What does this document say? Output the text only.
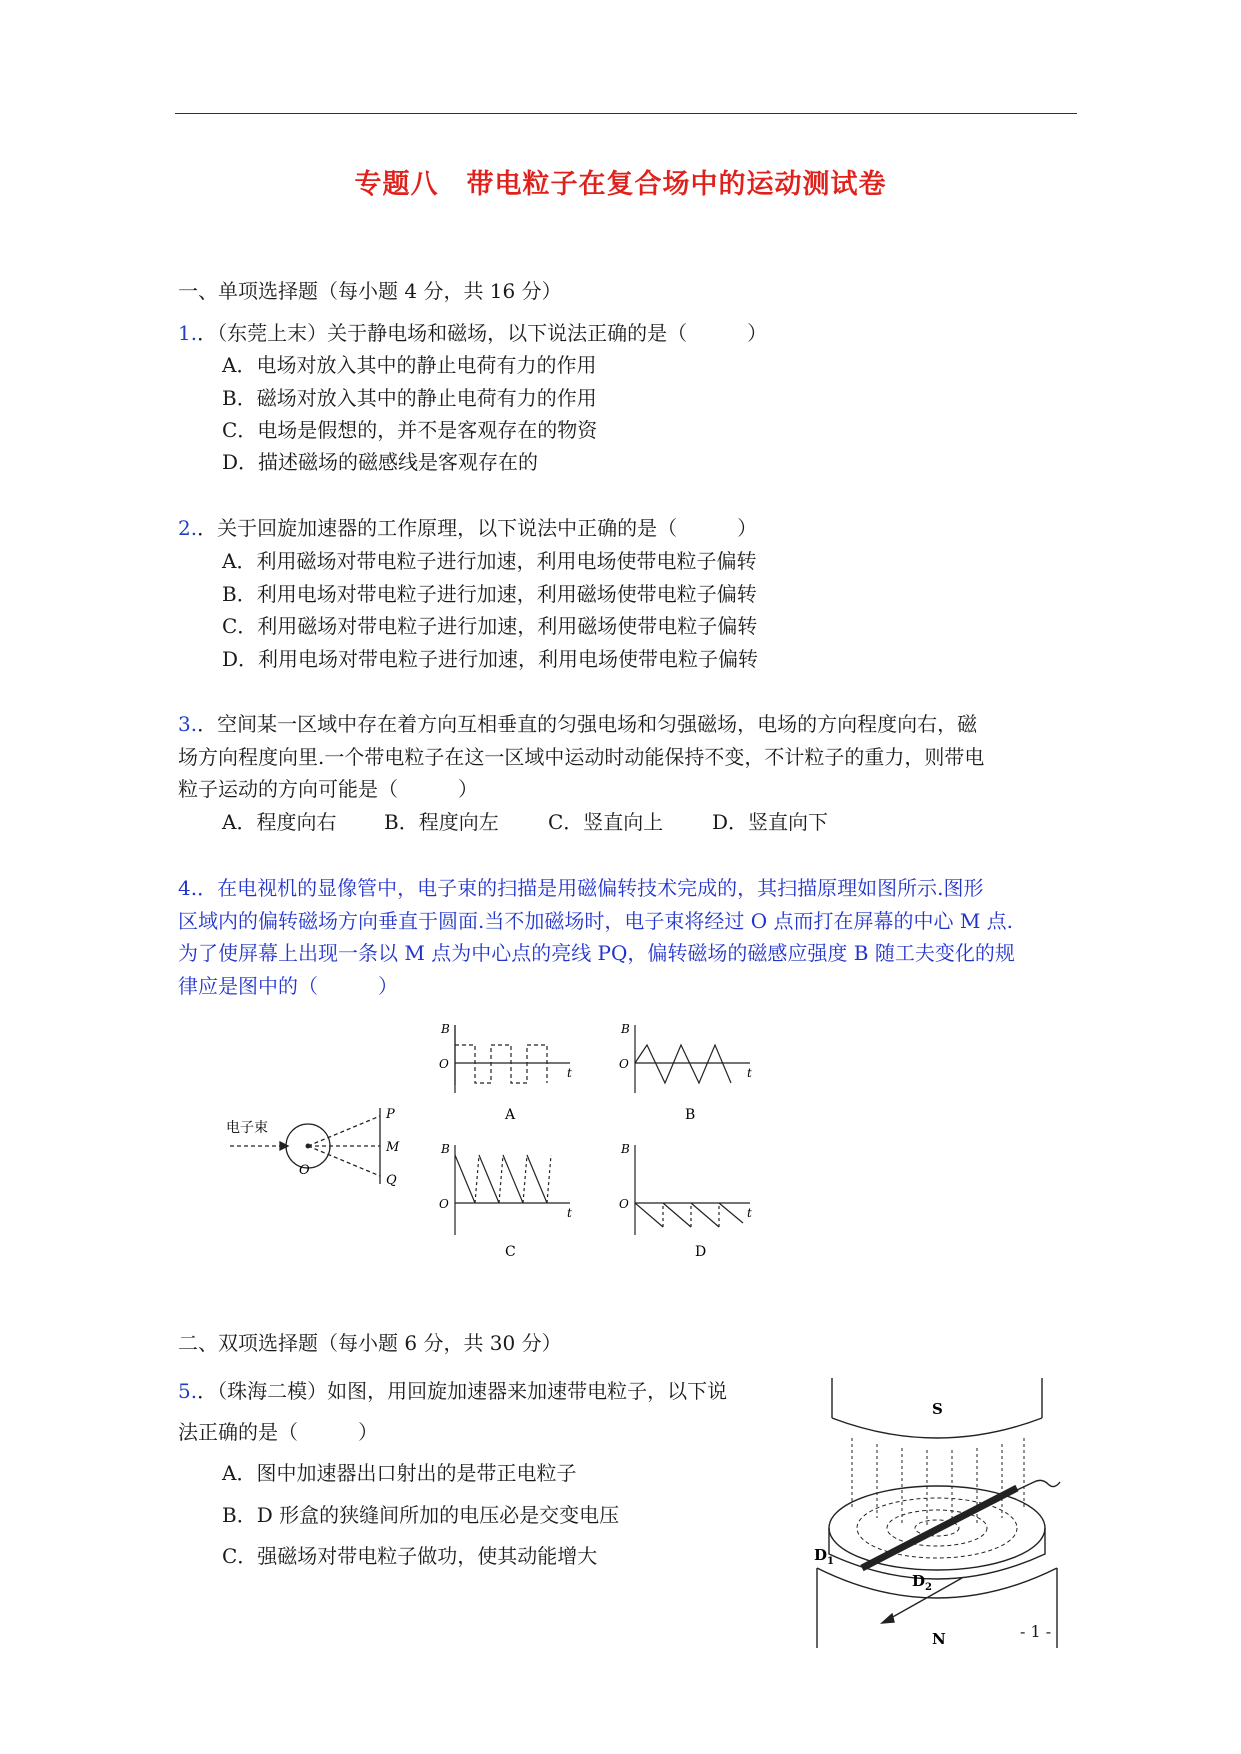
专题八　带电粒子在复合场中的运动测试卷
一、单项选择题（每小题 4 分，共 16 分）
1.．（东莞上末）关于静电场和磁场，以下说法正确的是（　　　）
A．电场对放入其中的静止电荷有力的作用
B．磁场对放入其中的静止电荷有力的作用
C．电场是假想的，并不是客观存在的物资
D．描述磁场的磁感线是客观存在的
2.．关于回旋加速器的工作原理，以下说法中正确的是（　　　）
A．利用磁场对带电粒子进行加速，利用电场使带电粒子偏转
B．利用电场对带电粒子进行加速，利用磁场使带电粒子偏转
C．利用磁场对带电粒子进行加速，利用磁场使带电粒子偏转
D．利用电场对带电粒子进行加速，利用电场使带电粒子偏转
3.．空间某一区域中存在着方向互相垂直的匀强电场和匀强磁场，电场的方向程度向右，磁
场方向程度向里.一个带电粒子在这一区域中运动时动能保持不变，不计粒子的重力，则带电
粒子运动的方向可能是（　　　）
A．程度向右 B．程度向左 C．竖直向上 D．竖直向下
4.．在电视机的显像管中，电子束的扫描是用磁偏转技术完成的，其扫描原理如图所示.图形
区域内的偏转磁场方向垂直于圆面.当不加磁场时，电子束将经过 O 点而打在屏幕的中心 M 点.
为了使屏幕上出现一条以 M 点为中心点的亮线 PQ，偏转磁场的磁感应强度 B 随工夫变化的规
律应是图中的（　　　）
电子束
O
P
M
Q
B
O
t
A
B
O
t
B
B
O
t
C
B
O
t
D
二、双项选择题（每小题 6 分，共 30 分）
5.．（珠海二模）如图，用回旋加速器来加速带电粒子，以下说
法正确的是（　　　）
A．图中加速器出口射出的是带正电粒子
B．D 形盒的狭缝间所加的电压必是交变电压
C．强磁场对带电粒子做功，使其动能增大
S
$D_1$
$D_2$
N	- 1 -
